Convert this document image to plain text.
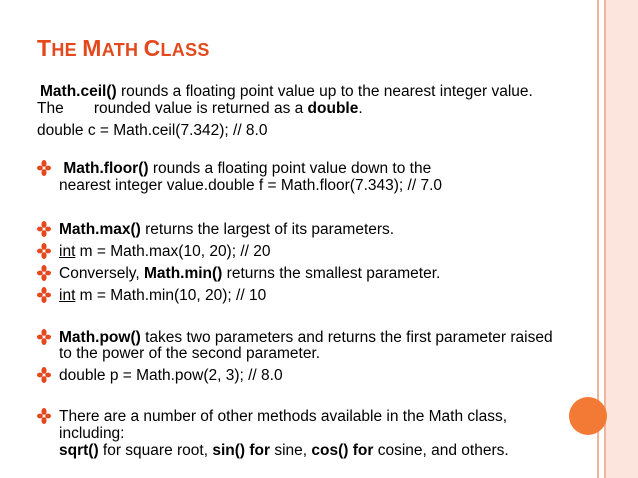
THE MATH CLASS
Math.ceil() rounds a floating point value up to the nearest integer value.
The       rounded value is returned as a double.
double c = Math.ceil(7.342); // 8.0
Math.floor() rounds a floating point value down to the
nearest integer value.double f = Math.floor(7.343); // 7.0
Math.max() returns the largest of its parameters.
int m = Math.max(10, 20); // 20
Conversely, Math.min() returns the smallest parameter.
int m = Math.min(10, 20); // 10
Math.pow() takes two parameters and returns the first parameter raised
to the power of the second parameter.
double p = Math.pow(2, 3); // 8.0
There are a number of other methods available in the Math class,
including:
sqrt() for square root, sin() for sine, cos() for cosine, and others.
